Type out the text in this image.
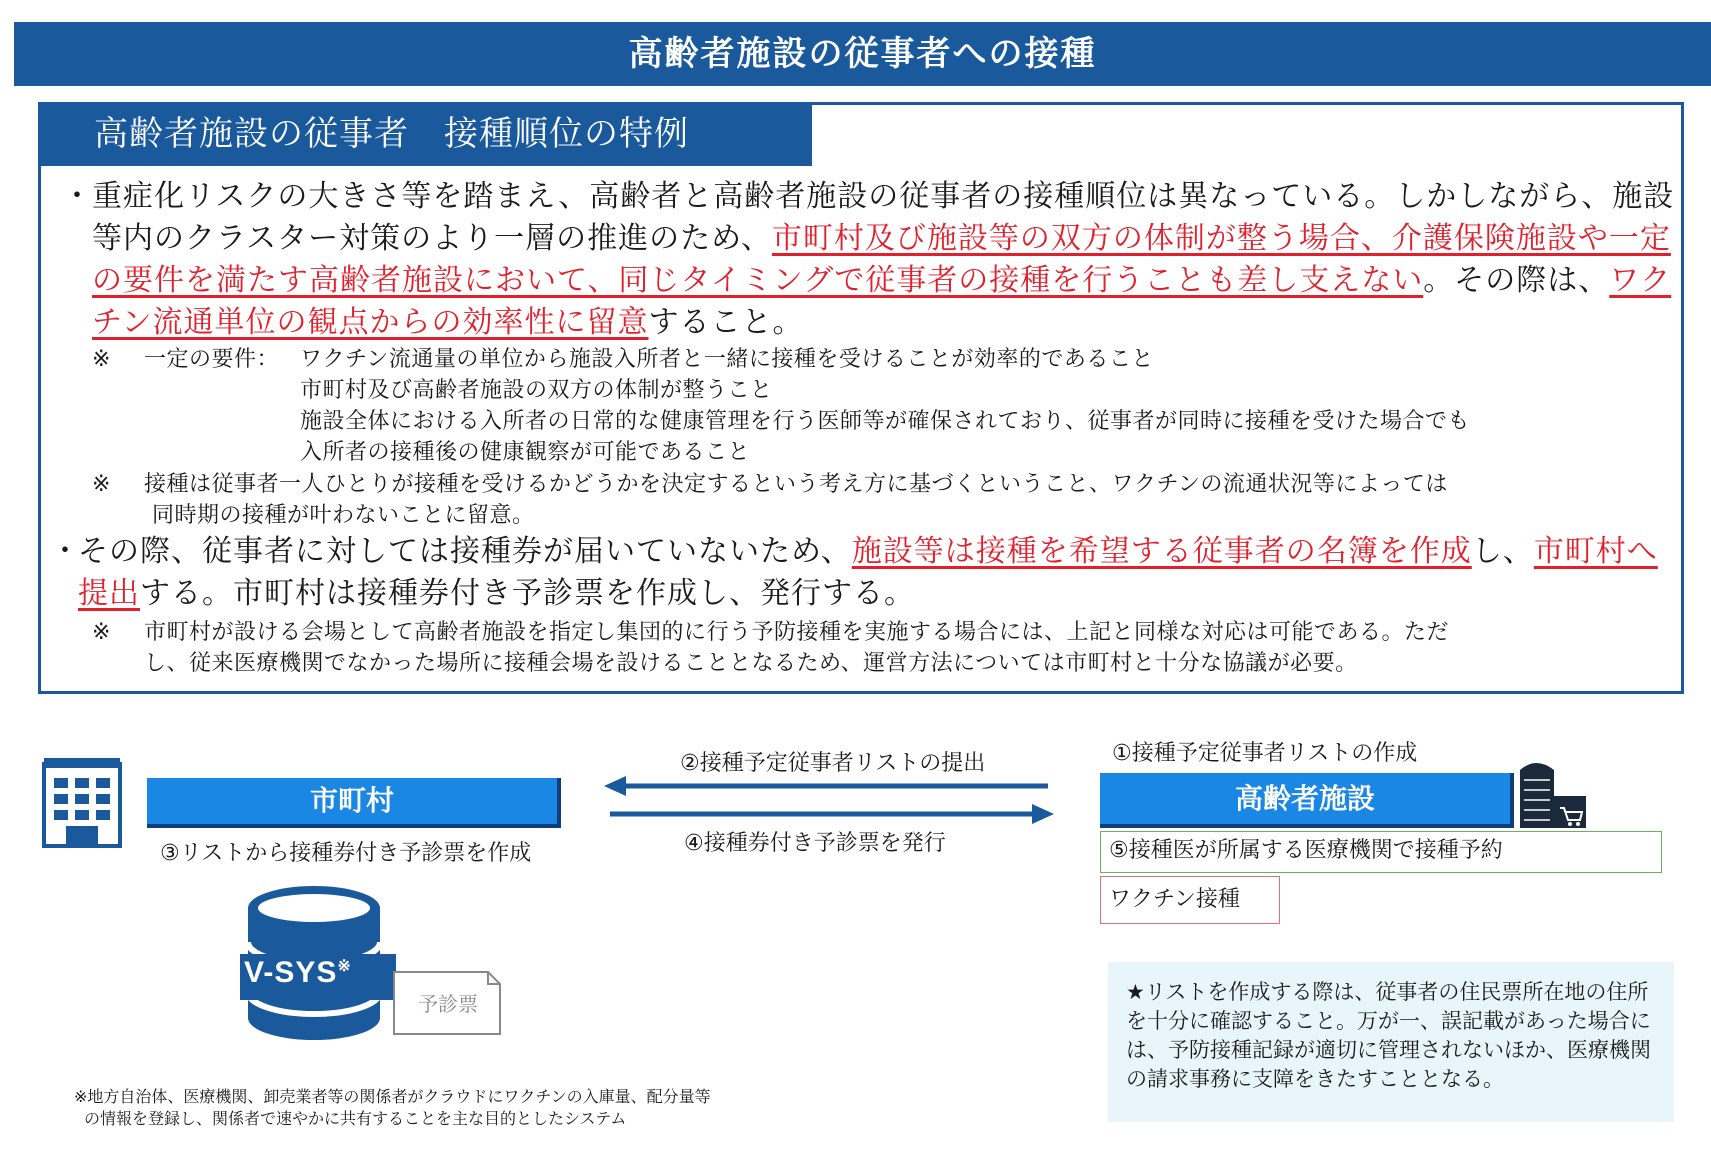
高齢者施設の従事者への接種
高齢者施設の従事者　接種順位の特例
・ 重症化リスクの大きさ等を踏まえ、高齢者と高齢者施設の従事者の接種順位は異なっている。しかしながら、施設等内のクラスター対策のより一層の推進のため、市町村及び施設等の双方の体制が整う場合、介護保険施設や一定の要件を満たす高齢者施設において、同じタイミングで従事者の接種を行うことも差し支えない。その際は、ワクチン流通単位の観点からの効率性に留意すること。
※ 一定の要件： ワクチン流通量の単位から施設入所者と一緒に接種を受けることが効率的であること
市町村及び高齢者施設の双方の体制が整うこと
施設全体における入所者の日常的な健康管理を行う医師等が確保されており、従事者が同時に接種を受けた場合でも
入所者の接種後の健康観察が可能であること
※ 接種は従事者一人ひとりが接種を受けるかどうかを決定するという考え方に基づくということ、ワクチンの流通状況等によっては
同時期の接種が叶わないことに留意。
・
その際、従事者に対しては接種券が届いていないため、施設等は接種を希望する従事者の名簿を作成し、市町村へ提出する。市町村は接種券付き予診票を作成し、発行する。
※ 市町村が設ける会場として高齢者施設を指定し集団的に行う予防接種を実施する場合には、上記と同様な対応は可能である。ただ
し、従来医療機関でなかった場所に接種会場を設けることとなるため、運営方法については市町村と十分な協議が必要。
市町村
③リストから接種券付き予診票を作成
②接種予定従事者リストの提出
④接種券付き予診票を発行
①接種予定従事者リストの作成
高齢者施設
⑤接種医が所属する医療機関で接種予約
ワクチン接種
V-SYS※
予診票
※地方自治体、医療機関、卸売業者等の関係者がクラウドにワクチンの入庫量、配分量等
の情報を登録し、関係者で速やかに共有することを主な目的としたシステム
★リストを作成する際は、従事者の住民票所在地の住所を十分に確認すること。万が一、誤記載があった場合には、予防接種記録が適切に管理されないほか、医療機関の請求事務に支障をきたすこととなる。
